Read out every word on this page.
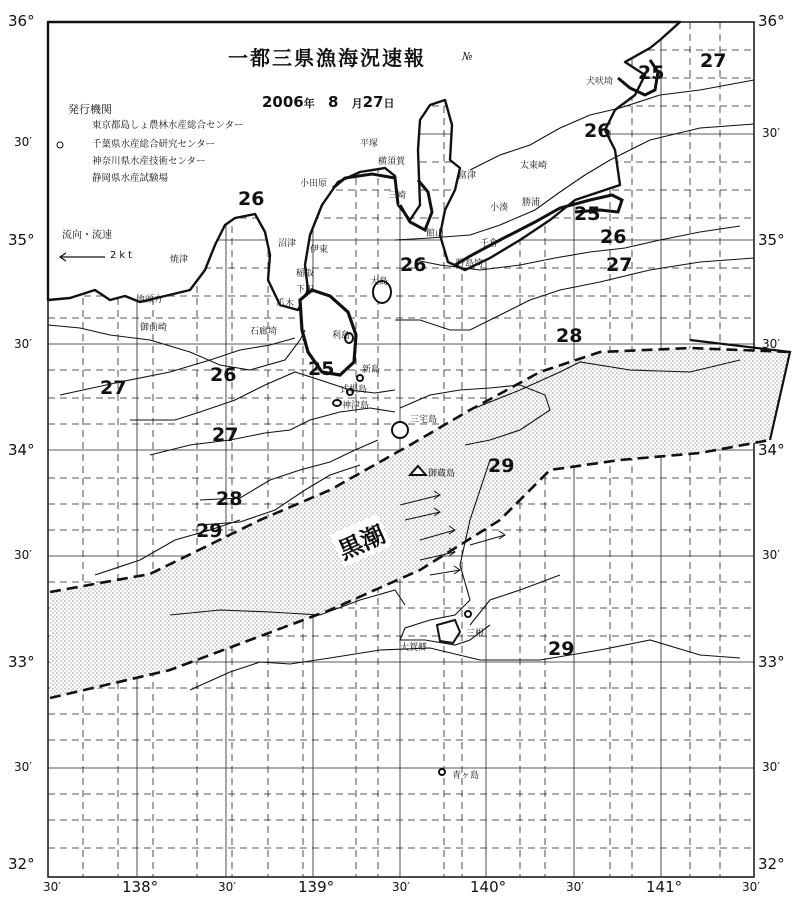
36°
30′
35°
30′
34°
30′
33°
30′
32°
36°
30′
35°
30′
34°
30′
33°
30′
32°
30′	138°	30′	139°	30′	140°	30′	141°	30′
一都三県漁海況速報	№
2006年 8 月27日
発行機関
東京都島しょ農林水産総合センター
千葉県水産総合研究センター
神奈川県水産技術センター
静岡県水産試験場
流向・流速
2kt
黒潮
25
27
26
25
26
27
26
26
26	25
27
27
28
28
29
29
29
犬吠埼
太東崎
勝浦
小湊
千倉
野島埼
館山
富津
横須賀
平塚
小田原
三崎
沼津
焼津
伊東
稲取
下田
石廊埼
御前崎
地頭方	爪木
利島
新島
式根島
神津島
三宅島
御蔵島
三根
大賀郷
青ヶ島
大島
